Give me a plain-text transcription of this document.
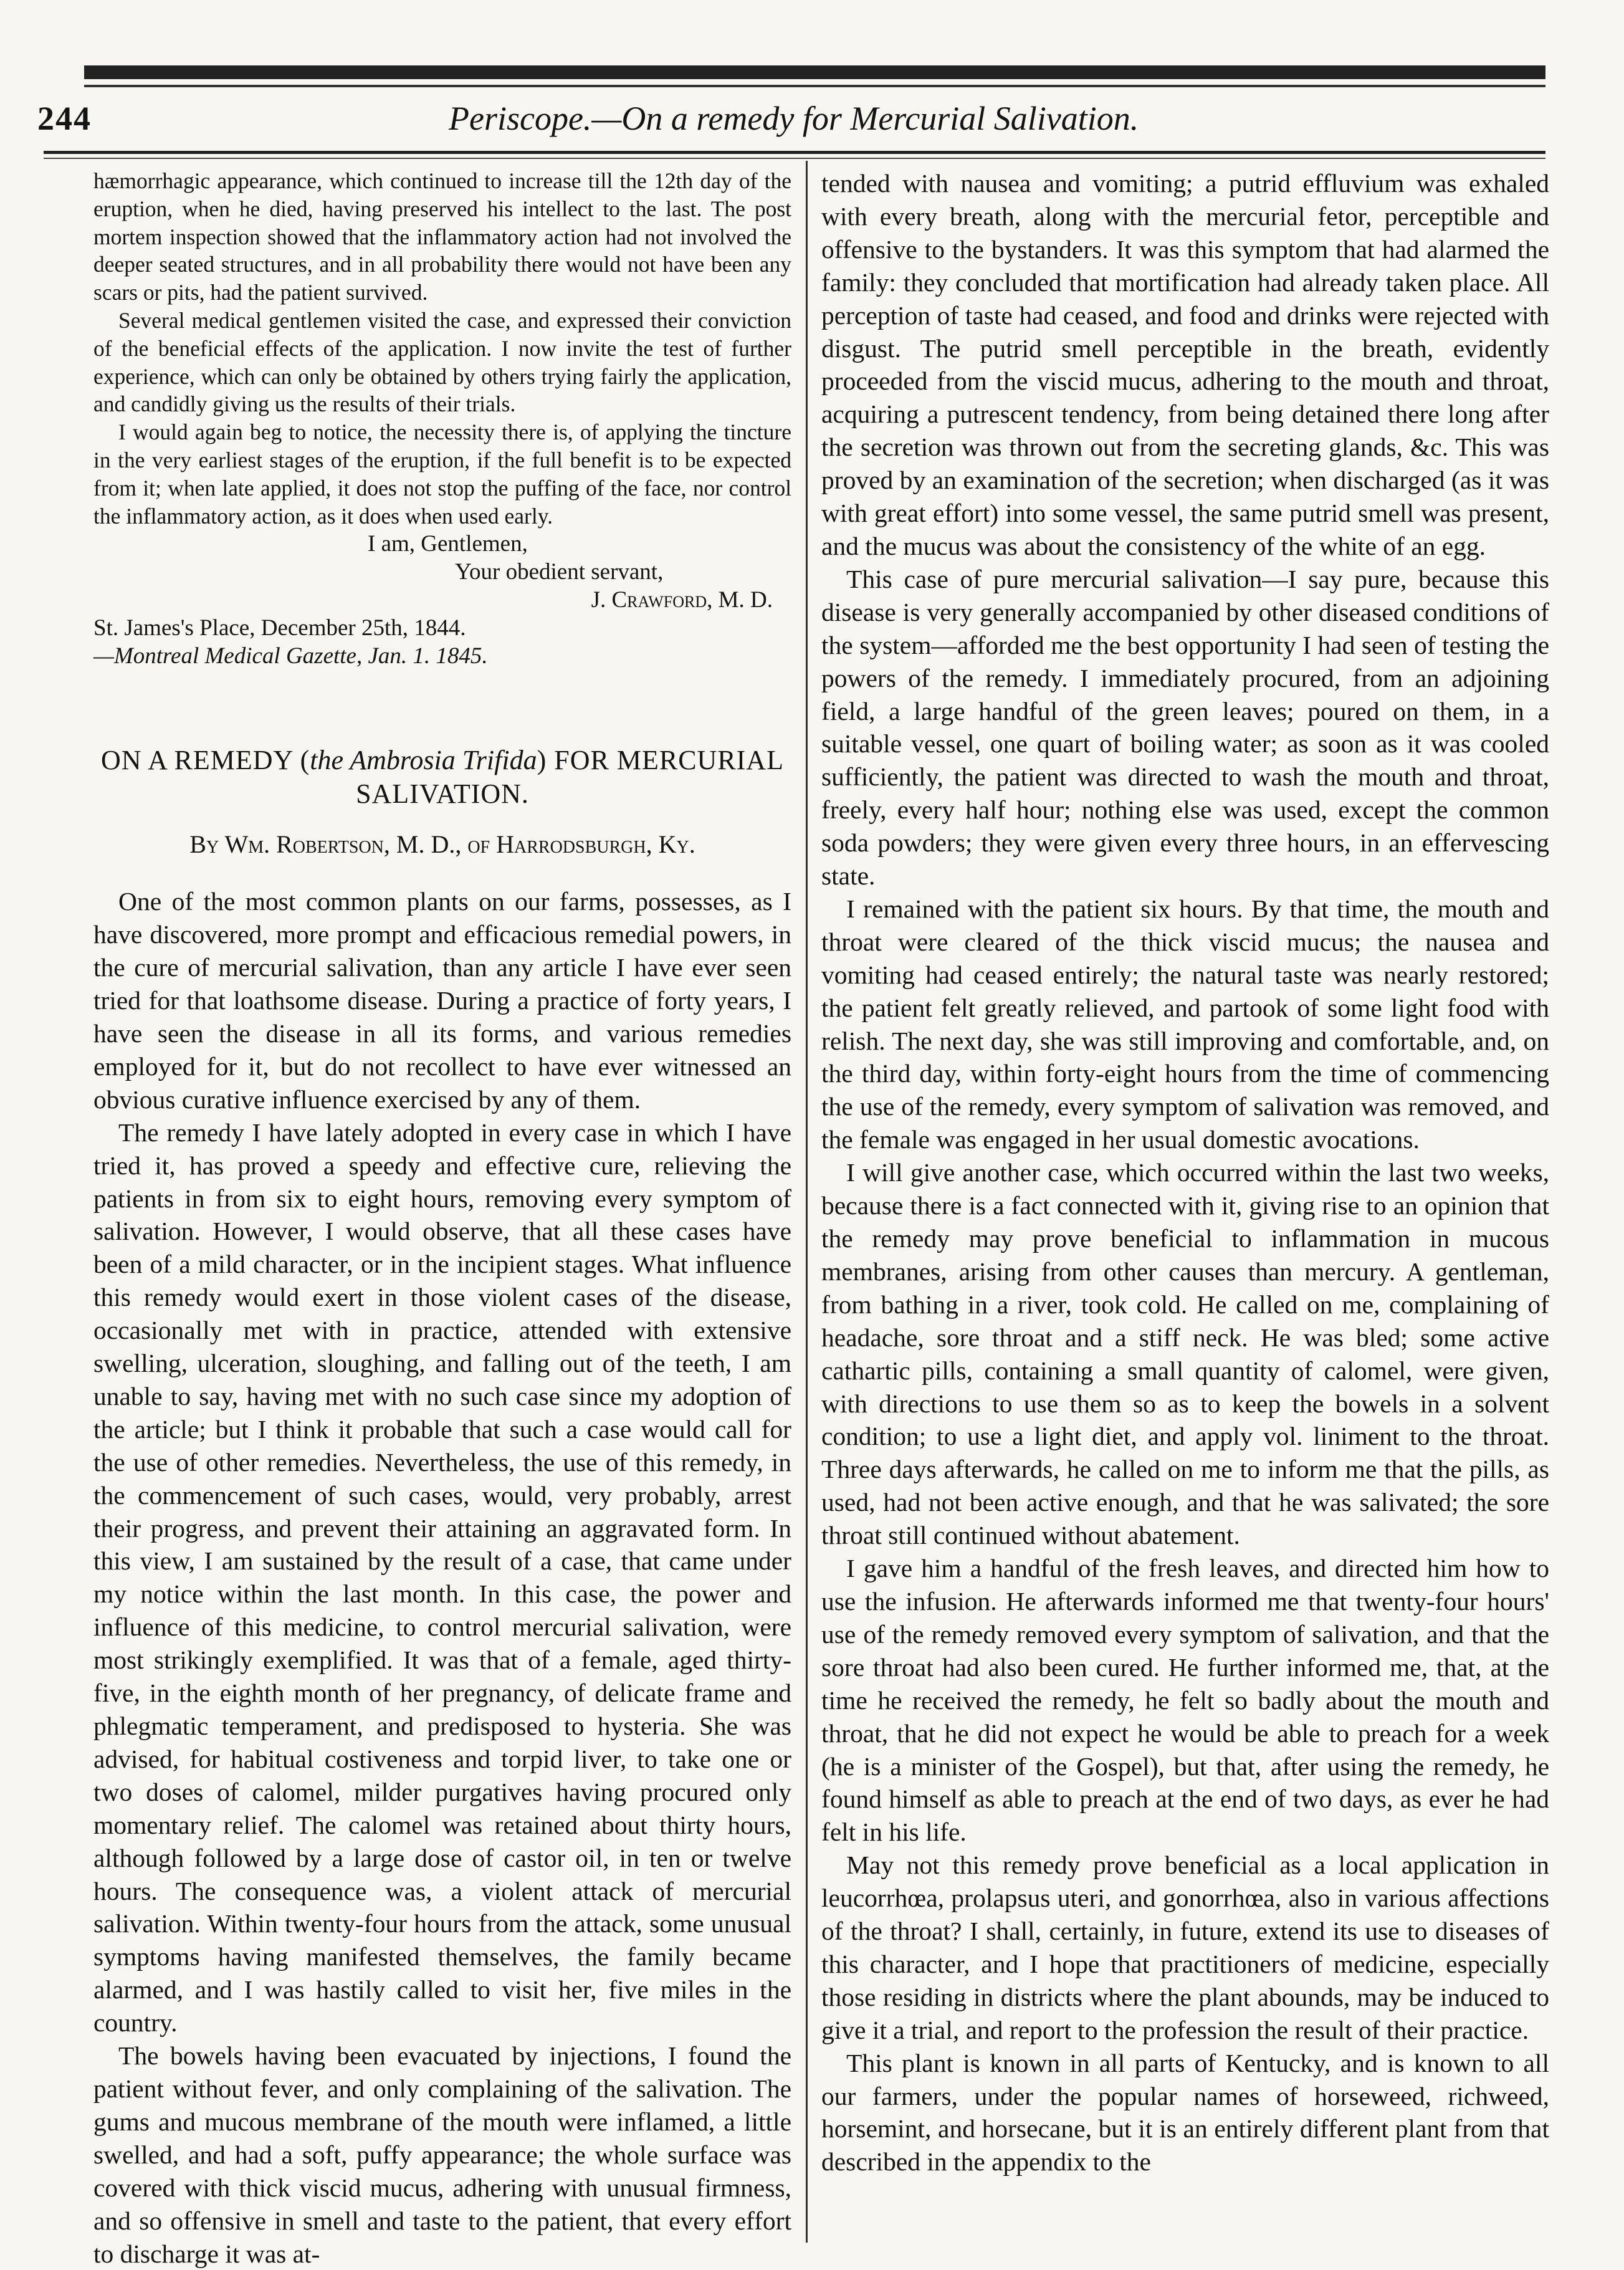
244	Periscope.—On a remedy for Mercurial Salivation.

hæmorrhagic appearance, which continued to increase till the 12th day of the eruption, when he died, having preserved his intellect to the last. The post mortem inspection showed that the inflammatory action had not involved the deeper seated structures, and in all probability there would not have been any scars or pits, had the patient survived.

Several medical gentlemen visited the case, and expressed their conviction of the beneficial effects of the application. I now invite the test of further experience, which can only be obtained by others trying fairly the application, and candidly giving us the results of their trials.

I would again beg to notice, the necessity there is, of applying the tincture in the very earliest stages of the eruption, if the full benefit is to be expected from it; when late applied, it does not stop the puffing of the face, nor control the inflammatory action, as it does when used early.

I am, Gentlemen,
Your obedient servant,
J. Crawford, M. D.
St. James's Place, December 25th, 1844.
—Montreal Medical Gazette, Jan. 1. 1845.
ON A REMEDY (the Ambrosia Trifida) FOR MERCURIAL SALIVATION.
By Wm. Robertson, M. D., of Harrodsburgh, Ky.

One of the most common plants on our farms, possesses, as I have discovered, more prompt and efficacious remedial powers, in the cure of mercurial salivation, than any article I have ever seen tried for that loathsome disease. During a practice of forty years, I have seen the disease in all its forms, and various remedies employed for it, but do not recollect to have ever witnessed an obvious curative influence exercised by any of them.

The remedy I have lately adopted in every case in which I have tried it, has proved a speedy and effective cure, relieving the patients in from six to eight hours, removing every symptom of salivation. However, I would observe, that all these cases have been of a mild character, or in the incipient stages. What influence this remedy would exert in those violent cases of the disease, occasionally met with in practice, attended with extensive swelling, ulceration, sloughing, and falling out of the teeth, I am unable to say, having met with no such case since my adoption of the article; but I think it probable that such a case would call for the use of other remedies. Nevertheless, the use of this remedy, in the commencement of such cases, would, very probably, arrest their progress, and prevent their attaining an aggravated form. In this view, I am sustained by the result of a case, that came under my notice within the last month. In this case, the power and influence of this medicine, to control mercurial salivation, were most strikingly exemplified. It was that of a female, aged thirty-five, in the eighth month of her pregnancy, of delicate frame and phlegmatic temperament, and predisposed to hysteria. She was advised, for habitual costiveness and torpid liver, to take one or two doses of calomel, milder purgatives having procured only momentary relief. The calomel was retained about thirty hours, although followed by a large dose of castor oil, in ten or twelve hours. The consequence was, a violent attack of mercurial salivation. Within twenty-four hours from the attack, some unusual symptoms having manifested themselves, the family became alarmed, and I was hastily called to visit her, five miles in the country.

The bowels having been evacuated by injections, I found the patient without fever, and only complaining of the salivation. The gums and mucous membrane of the mouth were inflamed, a little swelled, and had a soft, puffy appearance; the whole surface was covered with thick viscid mucus, adhering with unusual firmness, and so offensive in smell and taste to the patient, that every effort to discharge it was at-

tended with nausea and vomiting; a putrid effluvium was exhaled with every breath, along with the mercurial fetor, perceptible and offensive to the bystanders. It was this symptom that had alarmed the family: they concluded that mortification had already taken place. All perception of taste had ceased, and food and drinks were rejected with disgust. The putrid smell perceptible in the breath, evidently proceeded from the viscid mucus, adhering to the mouth and throat, acquiring a putrescent tendency, from being detained there long after the secretion was thrown out from the secreting glands, &c. This was proved by an examination of the secretion; when discharged (as it was with great effort) into some vessel, the same putrid smell was present, and the mucus was about the consistency of the white of an egg.

This case of pure mercurial salivation—I say pure, because this disease is very generally accompanied by other diseased conditions of the system—afforded me the best opportunity I had seen of testing the powers of the remedy. I immediately procured, from an adjoining field, a large handful of the green leaves; poured on them, in a suitable vessel, one quart of boiling water; as soon as it was cooled sufficiently, the patient was directed to wash the mouth and throat, freely, every half hour; nothing else was used, except the common soda powders; they were given every three hours, in an effervescing state.

I remained with the patient six hours. By that time, the mouth and throat were cleared of the thick viscid mucus; the nausea and vomiting had ceased entirely; the natural taste was nearly restored; the patient felt greatly relieved, and partook of some light food with relish. The next day, she was still improving and comfortable, and, on the third day, within forty-eight hours from the time of commencing the use of the remedy, every symptom of salivation was removed, and the female was engaged in her usual domestic avocations.

I will give another case, which occurred within the last two weeks, because there is a fact connected with it, giving rise to an opinion that the remedy may prove beneficial to inflammation in mucous membranes, arising from other causes than mercury. A gentleman, from bathing in a river, took cold. He called on me, complaining of headache, sore throat and a stiff neck. He was bled; some active cathartic pills, containing a small quantity of calomel, were given, with directions to use them so as to keep the bowels in a solvent condition; to use a light diet, and apply vol. liniment to the throat. Three days afterwards, he called on me to inform me that the pills, as used, had not been active enough, and that he was salivated; the sore throat still continued without abatement.

I gave him a handful of the fresh leaves, and directed him how to use the infusion. He afterwards informed me that twenty-four hours' use of the remedy removed every symptom of salivation, and that the sore throat had also been cured. He further informed me, that, at the time he received the remedy, he felt so badly about the mouth and throat, that he did not expect he would be able to preach for a week (he is a minister of the Gospel), but that, after using the remedy, he found himself as able to preach at the end of two days, as ever he had felt in his life.

May not this remedy prove beneficial as a local application in leucorrhœa, prolapsus uteri, and gonorrhœa, also in various affections of the throat? I shall, certainly, in future, extend its use to diseases of this character, and I hope that practitioners of medicine, especially those residing in districts where the plant abounds, may be induced to give it a trial, and report to the profession the result of their practice.

This plant is known in all parts of Kentucky, and is known to all our farmers, under the popular names of horseweed, richweed, horsemint, and horsecane, but it is an entirely different plant from that described in the appendix to the
